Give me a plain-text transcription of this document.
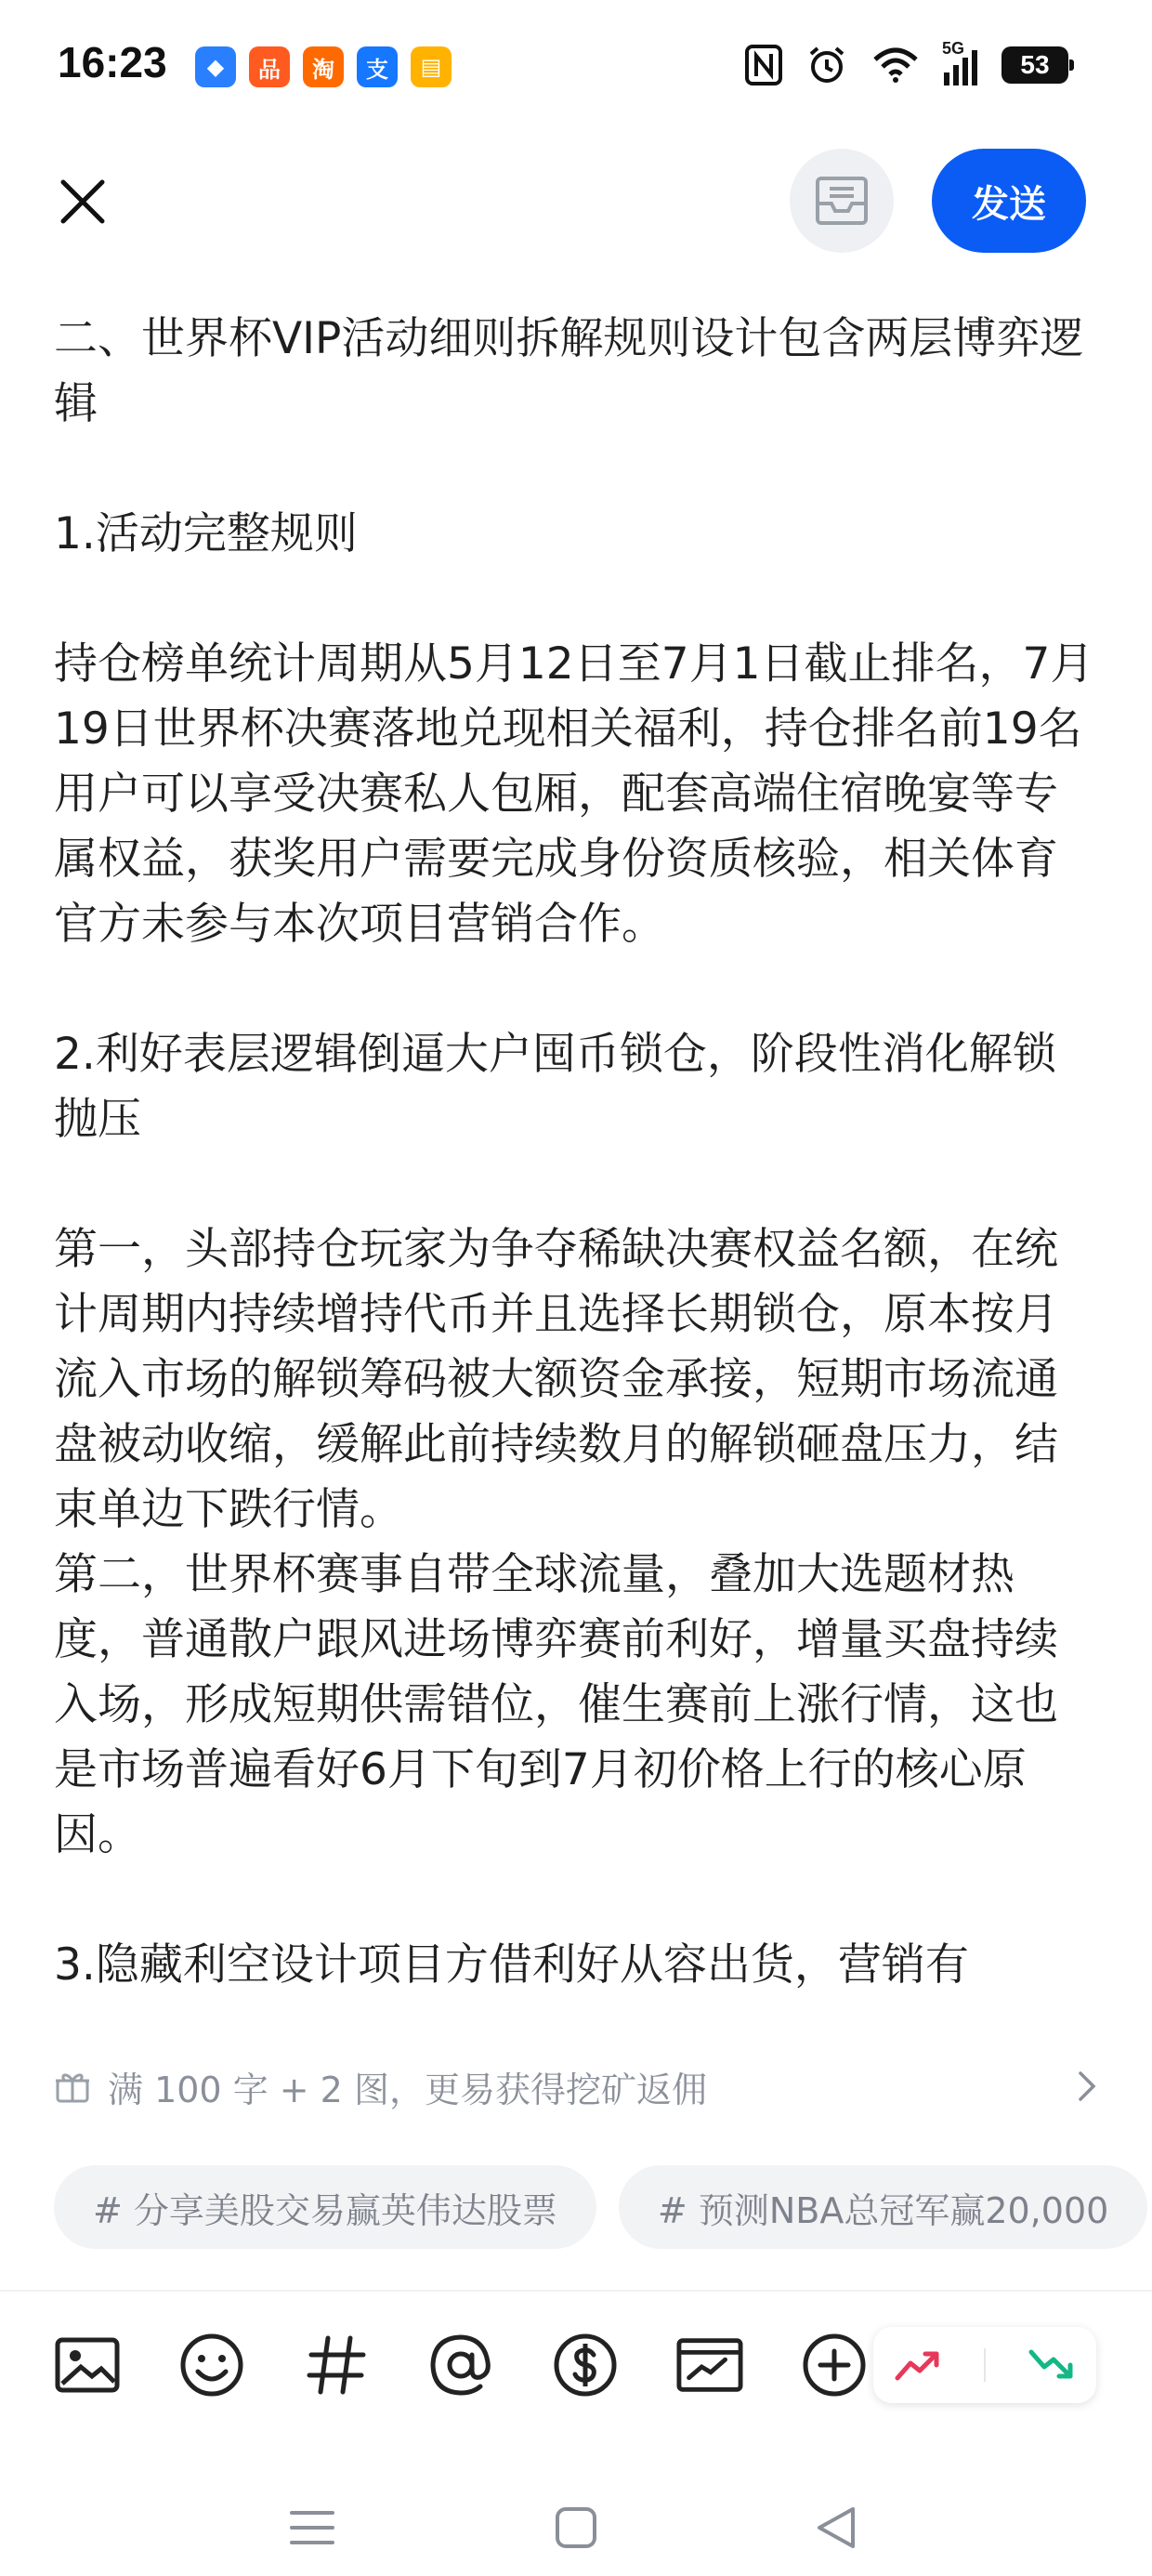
16:23 ◆ 品 淘 支 ▤
5G
53
发送

二、世界杯VIP活动细则拆解规则设计包含两层博弈逻辑

1.活动完整规则

持仓榜单统计周期从5月12日至7月1日截止排名，7月19日世界杯决赛落地兑现相关福利，持仓排名前19名用户可以享受决赛私人包厢，配套高端住宿晚宴等专属权益，获奖用户需要完成身份资质核验，相关体育官方未参与本次项目营销合作。

2.利好表层逻辑倒逼大户囤币锁仓，阶段性消化解锁抛压

第一，头部持仓玩家为争夺稀缺决赛权益名额，在统计周期内持续增持代币并且选择长期锁仓，原本按月流入市场的解锁筹码被大额资金承接，短期市场流通盘被动收缩，缓解此前持续数月的解锁砸盘压力，结束单边下跌行情。

第二，世界杯赛事自带全球流量，叠加大选题材热度，普通散户跟风进场博弈赛前利好，增量买盘持续入场，形成短期供需错位，催生赛前上涨行情，这也是市场普遍看好6月下旬到7月初价格上行的核心原因。

3.隐藏利空设计项目方借利好从容出货，营销有

满 100 字 + 2 图，更易获得挖矿返佣
# 分享美股交易赢英伟达股票	# 预测NBA总冠军赢20,000
